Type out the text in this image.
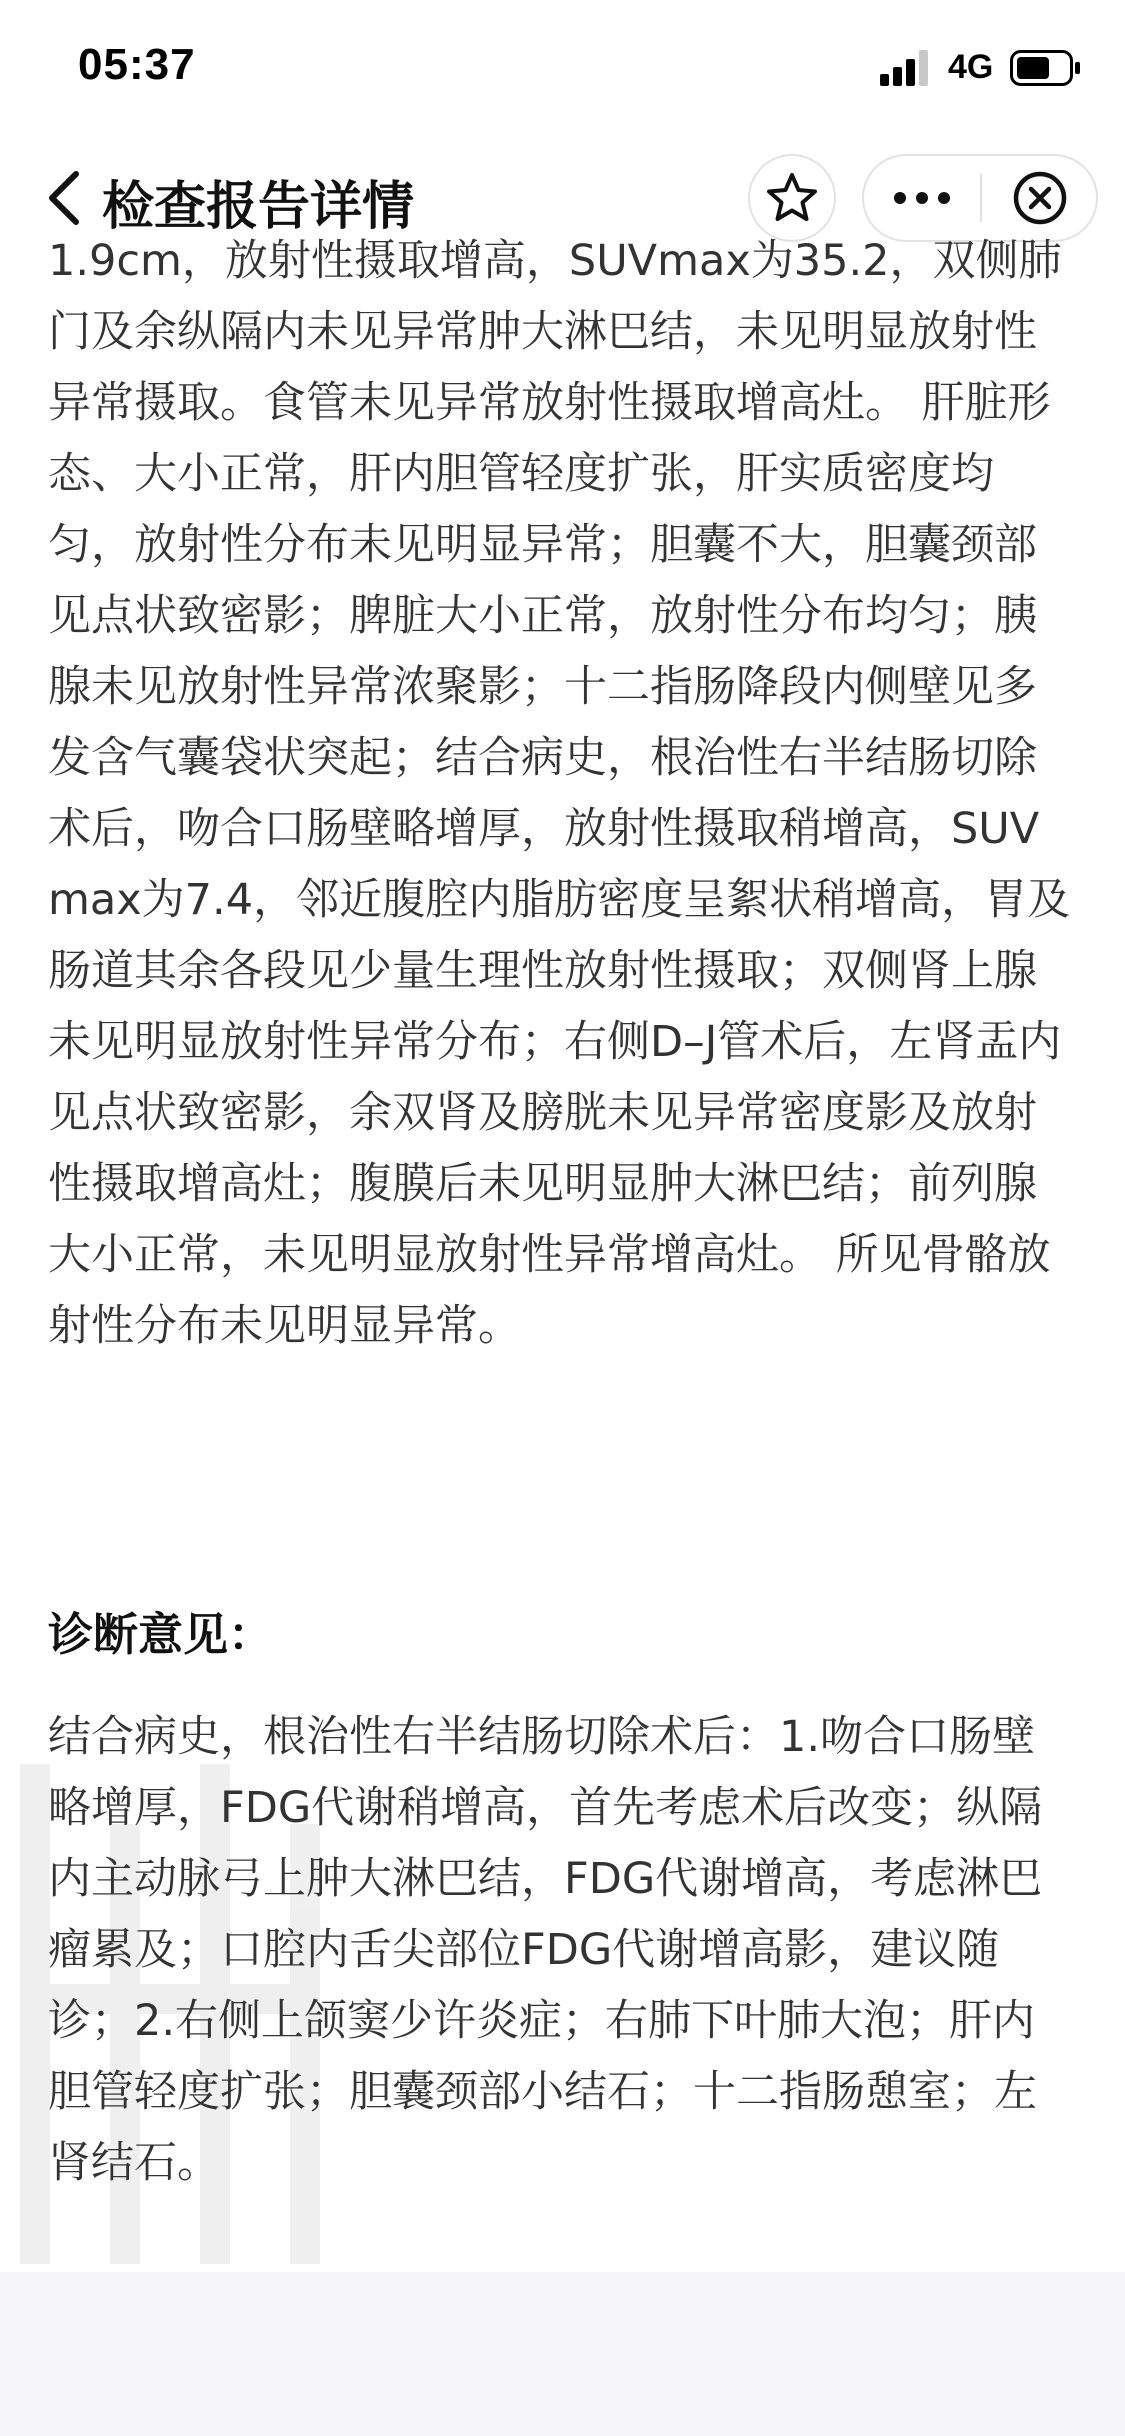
05:37	4G
检查报告详情
1.9cm，放射性摄取增高，SUVmax为35.2，双侧肺门及余纵隔内未见异常肿大淋巴结，未见明显放射性异常摄取。食管未见异常放射性摄取增高灶。 肝脏形态、大小正常，肝内胆管轻度扩张，肝实质密度均匀，放射性分布未见明显异常；胆囊不大，胆囊颈部见点状致密影；脾脏大小正常，放射性分布均匀；胰腺未见放射性异常浓聚影；十二指肠降段内侧壁见多发含气囊袋状突起；结合病史，根治性右半结肠切除术后，吻合口肠壁略增厚，放射性摄取稍增高，SUVmax为7.4，邻近腹腔内脂肪密度呈絮状稍增高，胃及肠道其余各段见少量生理性放射性摄取；双侧肾上腺未见明显放射性异常分布；右侧D–J管术后，左肾盂内见点状致密影，余双肾及膀胱未见异常密度影及放射性摄取增高灶；腹膜后未见明显肿大淋巴结；前列腺大小正常，未见明显放射性异常增高灶。 所见骨骼放射性分布未见明显异常。
诊断意见：
结合病史，根治性右半结肠切除术后：1.吻合口肠壁略增厚，FDG代谢稍增高，首先考虑术后改变；纵隔内主动脉弓上肿大淋巴结，FDG代谢增高，考虑淋巴瘤累及；口腔内舌尖部位FDG代谢增高影，建议随诊；2.右侧上颌窦少许炎症；右肺下叶肺大泡；肝内胆管轻度扩张；胆囊颈部小结石；十二指肠憩室；左肾结石。
